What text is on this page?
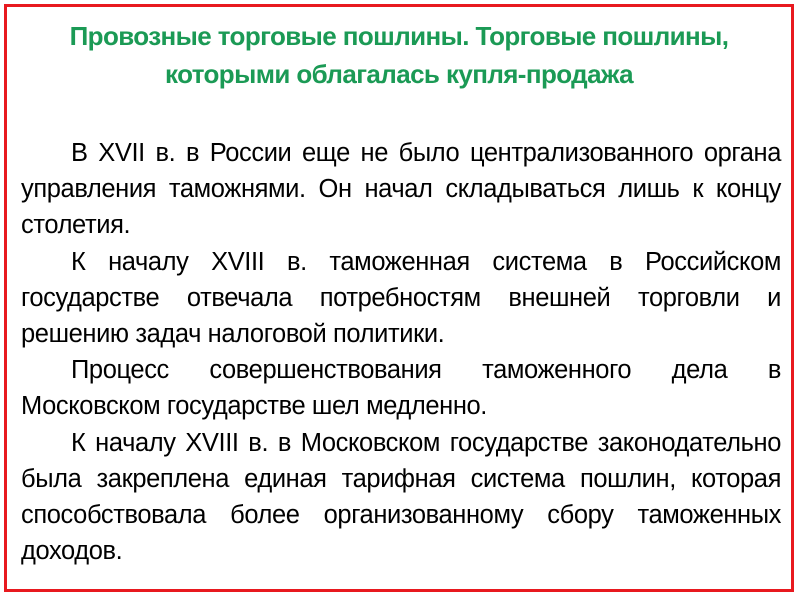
Провозные торговые пошлины. Торговые пошлины, которыми облагалась купля-продажа

В XVII в. в России еще не было централизованного органа управления таможнями. Он начал складываться лишь к концу столетия.

К началу XVIII в. таможенная система в Российском государстве отвечала потребностям внешней торговли и решению задач налоговой политики.

Процесс совершенствования таможенного дела в Московском государстве шел медленно.

К началу XVIII в. в Московском государстве законодательно была закреплена единая тарифная система пошлин, которая способствовала более организованному сбору таможенных доходов.
